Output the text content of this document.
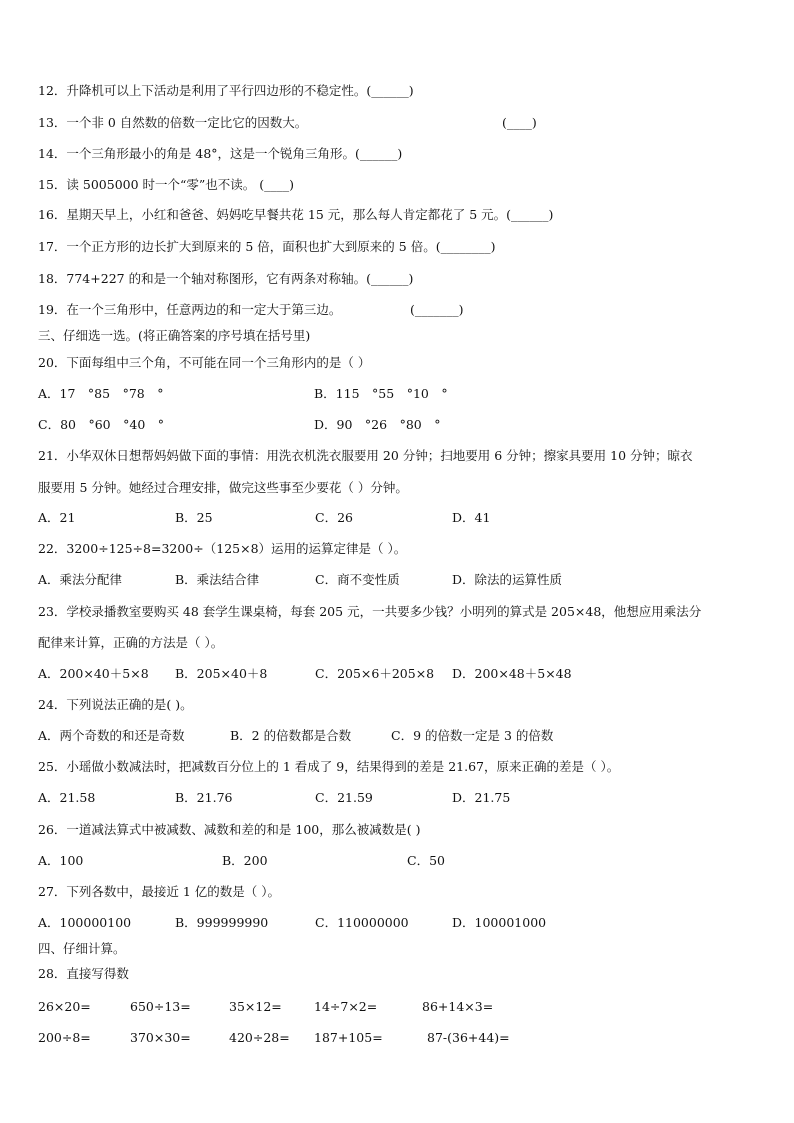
12．升降机可以上下活动是利用了平行四边形的不稳定性。(______)
13．一个非 0 自然数的倍数一定比它的因数大。	(____)
14．一个三角形最小的角是 48°，这是一个锐角三角形。(______)
15．读 5005000 时一个“零”也不读。 (____)
16．星期天早上，小红和爸爸、妈妈吃早餐共花 15 元，那么每人肯定都花了 5 元。(______)
17．一个正方形的边长扩大到原来的 5 倍，面积也扩大到原来的 5 倍。(________)
18．774+227 的和是一个轴对称图形，它有两条对称轴。(______)
19．在一个三角形中，任意两边的和一定大于第三边。	(_______)
三、仔细选一选。(将正确答案的序号填在括号里)
20．下面每组中三个角，不可能在同一个三角形内的是（ ）
A．17　°85　°78　°	B．115　°55　°10　°
C．80　°60　°40　°	D．90　°26　°80　°
21．小华双休日想帮妈妈做下面的事情：用洗衣机洗衣服要用 20 分钟；扫地要用 6 分钟；擦家具要用 10 分钟；晾衣
服要用 5 分钟。她经过合理安排，做完这些事至少要花（ ）分钟。
A．21	B．25	C．26	D．41
22．3200÷125÷8=3200÷（125×8）运用的运算定律是（ ）。
A．乘法分配律	B．乘法结合律	C．商不变性质	D．除法的运算性质
23．学校录播教室要购买 48 套学生课桌椅，每套 205 元，一共要多少钱？小明列的算式是 205×48，他想应用乘法分
配律来计算，正确的方法是（ ）。
A．200×40＋5×8 B．205×40＋8	C．205×6＋205×8 D．200×48＋5×48
24．下列说法正确的是( )。
A．两个奇数的和还是奇数	B．2 的倍数都是合数	C．9 的倍数一定是 3 的倍数
25．小瑶做小数减法时，把减数百分位上的 1 看成了 9，结果得到的差是 21.67，原来正确的差是（ ）。
A．21.58	B．21.76	C．21.59	D．21.75
26．一道减法算式中被减数、减数和差的和是 100，那么被减数是( )
A．100	B．200	C．50
27．下列各数中，最接近 1 亿的数是（ ）。
A．100000100	B．999999990	C．110000000	D．100001000
四、仔细计算。
28．直接写得数
26×20=	650÷13=	35×12=	14÷7×2=	86+14×3=
200÷8=	370×30=	420÷28= 187+105=	87-(36+44)=
